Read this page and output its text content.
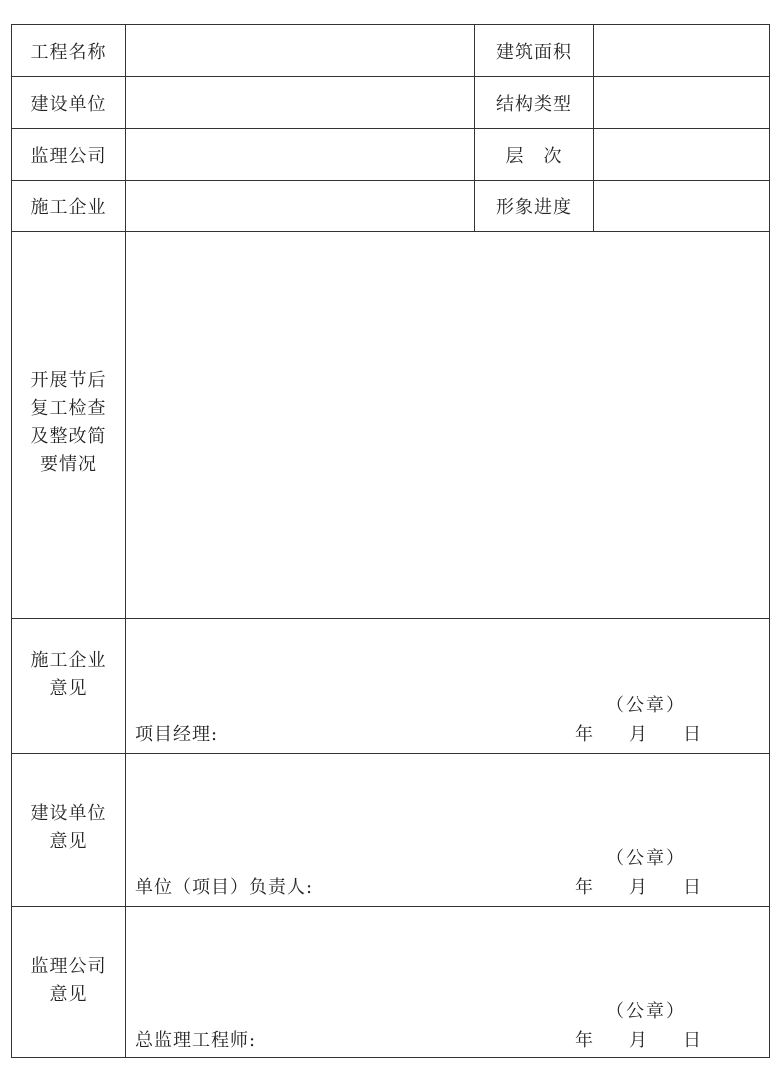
工程名称	建筑面积
建设单位	结构类型
监理公司	层　次
施工企业	形象进度
开展节后
复工检查
及整改简
要情况
施工企业
意见
（公章）
项目经理:	年 月 日
建设单位
意见
（公章）
单位（项目）负责人:	年 月 日
监理公司
意见
（公章）
总监理工程师:	年 月 日
